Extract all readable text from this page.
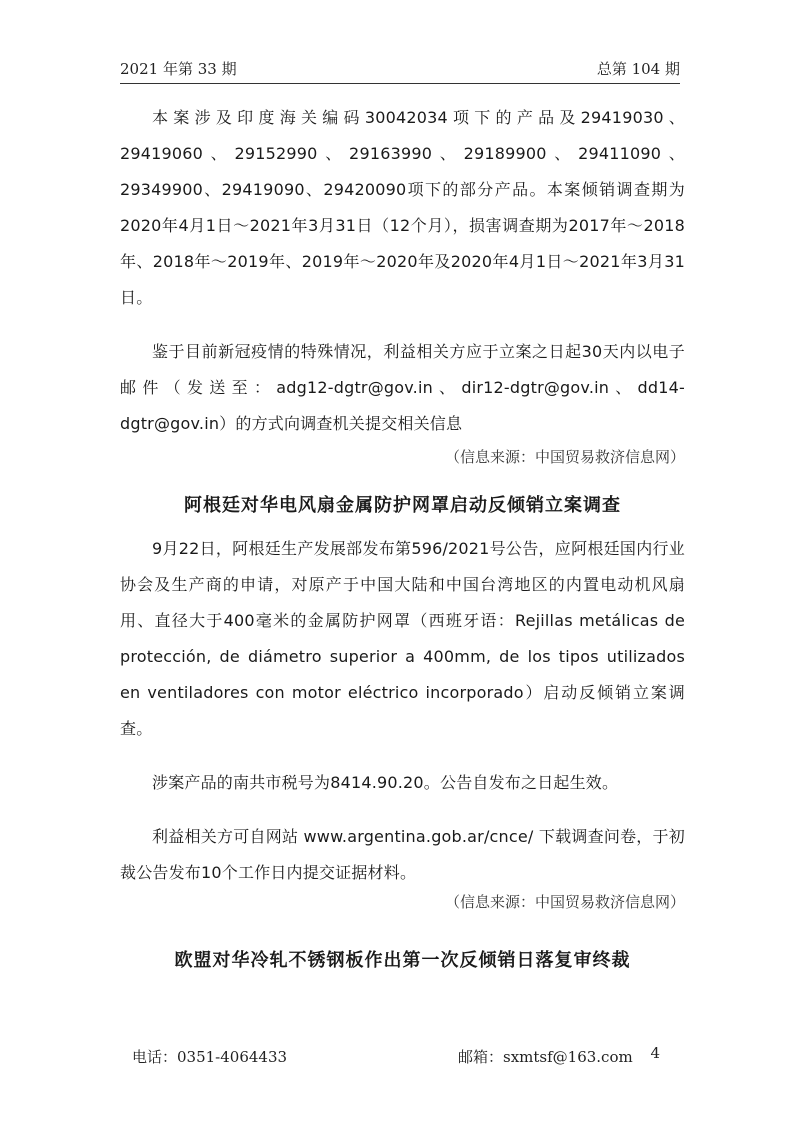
2021 年第 33 期	总第 104 期

本案涉及印度海关编码30042034项下的产品及29419030、29419060、29152990、29163990、29189900、29411090、29349900、29419090、29420090项下的部分产品。本案倾销调查期为2020年4月1日～2021年3月31日（12个月），损害调查期为2017年～2018年、2018年～2019年、2019年～2020年及2020年4月1日～2021年3月31日。

鉴于目前新冠疫情的特殊情况，利益相关方应于立案之日起30天内以电子邮件（发送至：adg12-dgtr@gov.in、dir12-dgtr@gov.in、dd14-dgtr@gov.in）的方式向调查机关提交相关信息

（信息来源：中国贸易救济信息网）

阿根廷对华电风扇金属防护网罩启动反倾销立案调查

9月22日，阿根廷生产发展部发布第596/2021号公告，应阿根廷国内行业协会及生产商的申请，对原产于中国大陆和中国台湾地区的内置电动机风扇用、直径大于400毫米的金属防护网罩（西班牙语：Rejillas metálicas de protección, de diámetro superior a 400mm, de los tipos utilizados en ventiladores con motor eléctrico incorporado）启动反倾销立案调查。

涉案产品的南共市税号为8414.90.20。公告自发布之日起生效。

利益相关方可自网站 www.argentina.gob.ar/cnce/ 下载调查问卷，于初裁公告发布10个工作日内提交证据材料。

（信息来源：中国贸易救济信息网）

欧盟对华冷轧不锈钢板作出第一次反倾销日落复审终裁
电话：0351-4064433	邮箱：sxmtsf@163.com 4
